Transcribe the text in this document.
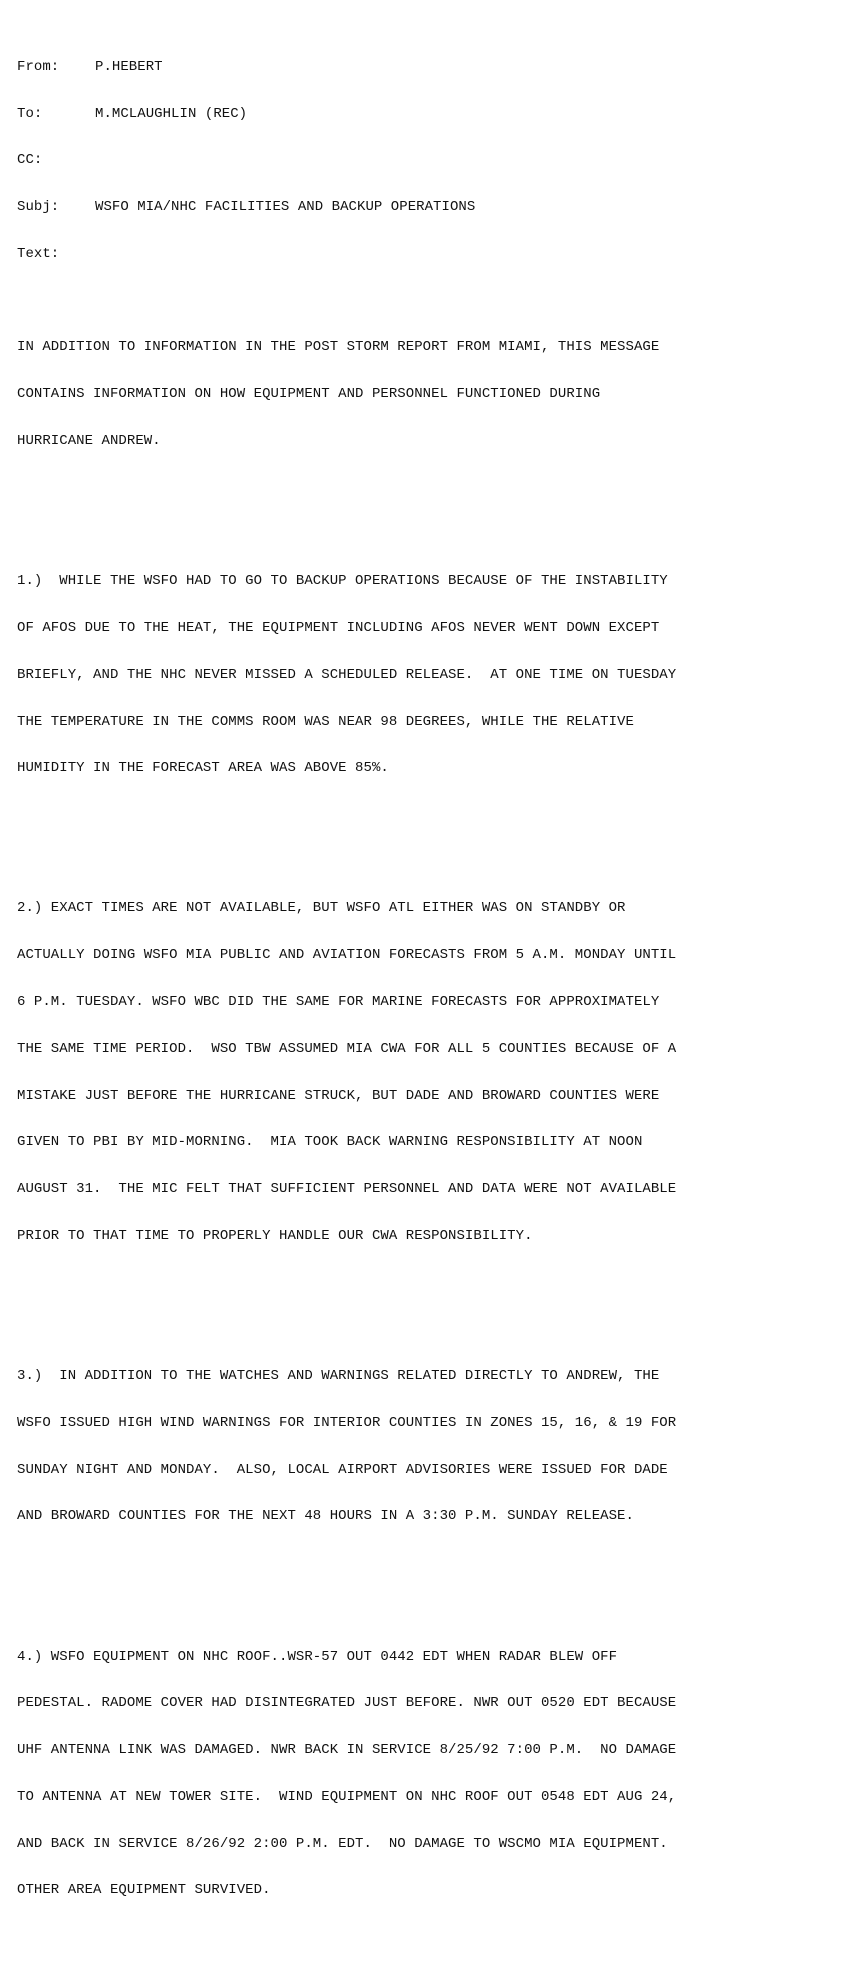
From:	P.HEBERT

To:	M.MCLAUGHLIN (REC)

CC:

Subj:	WSFO MIA/NHC FACILITIES AND BACKUP OPERATIONS

Text:

IN ADDITION TO INFORMATION IN THE POST STORM REPORT FROM MIAMI, THIS MESSAGE

CONTAINS INFORMATION ON HOW EQUIPMENT AND PERSONNEL FUNCTIONED DURING

HURRICANE ANDREW.

1.)  WHILE THE WSFO HAD TO GO TO BACKUP OPERATIONS BECAUSE OF THE INSTABILITY

OF AFOS DUE TO THE HEAT, THE EQUIPMENT INCLUDING AFOS NEVER WENT DOWN EXCEPT

BRIEFLY, AND THE NHC NEVER MISSED A SCHEDULED RELEASE.  AT ONE TIME ON TUESDAY

THE TEMPERATURE IN THE COMMS ROOM WAS NEAR 98 DEGREES, WHILE THE RELATIVE

HUMIDITY IN THE FORECAST AREA WAS ABOVE 85%.

2.) EXACT TIMES ARE NOT AVAILABLE, BUT WSFO ATL EITHER WAS ON STANDBY OR

ACTUALLY DOING WSFO MIA PUBLIC AND AVIATION FORECASTS FROM 5 A.M. MONDAY UNTIL

6 P.M. TUESDAY. WSFO WBC DID THE SAME FOR MARINE FORECASTS FOR APPROXIMATELY

THE SAME TIME PERIOD.  WSO TBW ASSUMED MIA CWA FOR ALL 5 COUNTIES BECAUSE OF A

MISTAKE JUST BEFORE THE HURRICANE STRUCK, BUT DADE AND BROWARD COUNTIES WERE

GIVEN TO PBI BY MID-MORNING.  MIA TOOK BACK WARNING RESPONSIBILITY AT NOON

AUGUST 31.  THE MIC FELT THAT SUFFICIENT PERSONNEL AND DATA WERE NOT AVAILABLE

PRIOR TO THAT TIME TO PROPERLY HANDLE OUR CWA RESPONSIBILITY.

3.)  IN ADDITION TO THE WATCHES AND WARNINGS RELATED DIRECTLY TO ANDREW, THE

WSFO ISSUED HIGH WIND WARNINGS FOR INTERIOR COUNTIES IN ZONES 15, 16, & 19 FOR

SUNDAY NIGHT AND MONDAY.  ALSO, LOCAL AIRPORT ADVISORIES WERE ISSUED FOR DADE

AND BROWARD COUNTIES FOR THE NEXT 48 HOURS IN A 3:30 P.M. SUNDAY RELEASE.

4.) WSFO EQUIPMENT ON NHC ROOF..WSR-57 OUT 0442 EDT WHEN RADAR BLEW OFF

PEDESTAL. RADOME COVER HAD DISINTEGRATED JUST BEFORE. NWR OUT 0520 EDT BECAUSE

UHF ANTENNA LINK WAS DAMAGED. NWR BACK IN SERVICE 8/25/92 7:00 P.M.  NO DAMAGE

TO ANTENNA AT NEW TOWER SITE.  WIND EQUIPMENT ON NHC ROOF OUT 0548 EDT AUG 24,

AND BACK IN SERVICE 8/26/92 2:00 P.M. EDT.  NO DAMAGE TO WSCMO MIA EQUIPMENT.

OTHER AREA EQUIPMENT SURVIVED.
